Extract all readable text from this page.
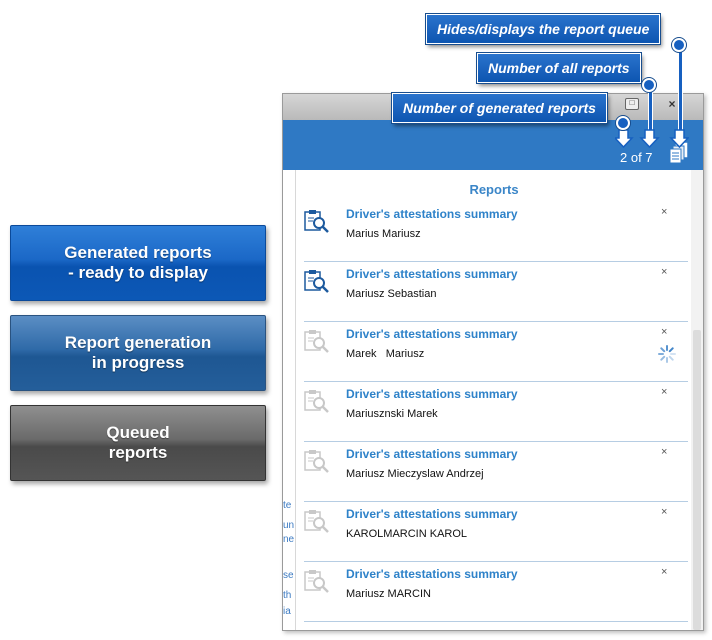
Generated reports
- ready to display
Report generation
in progress
Queued
reports
□	×
2 of 7
te
un
ne
se
th
ia
Reports
Driver's attestations summary
Marius Mariusz
×
Driver's attestations summary
Mariusz Sebastian
×
Driver's attestations summary
Marek   Mariusz
×
Driver's attestations summary
Mariusznski Marek
×
Driver's attestations summary
Mariusz Mieczyslaw Andrzej
×
Driver's attestations summary
KAROLMARCIN KAROL
×
Driver's attestations summary
Mariusz MARCIN
×
Hides/displays the report queue
Number of all reports
Number of generated reports
